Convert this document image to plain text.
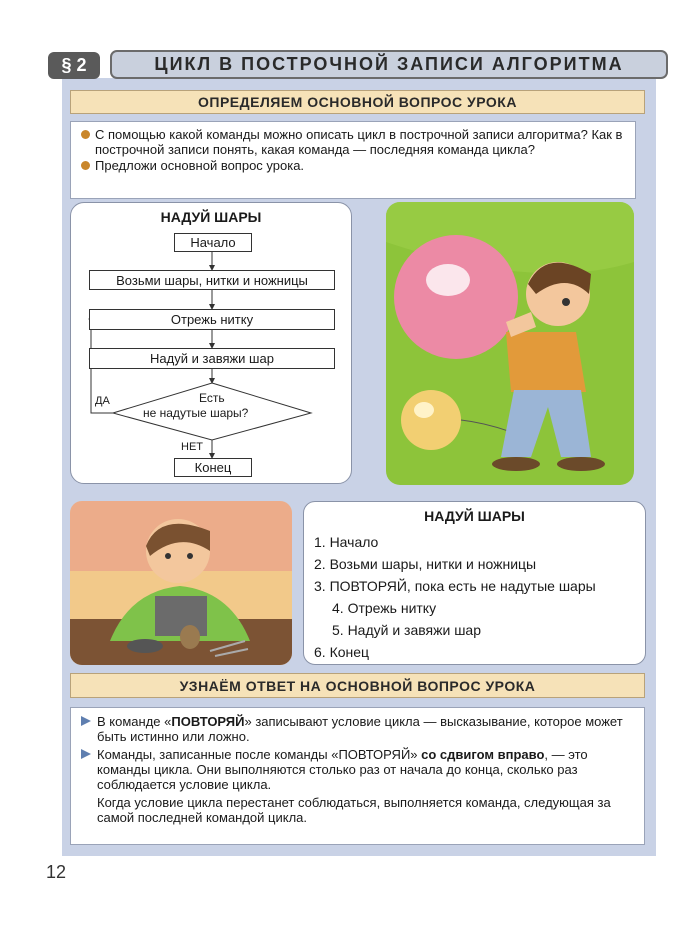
§ 2	ЦИКЛ В ПОСТРОЧНОЙ ЗАПИСИ АЛГОРИТМА
ОПРЕДЕЛЯЕМ ОСНОВНОЙ ВОПРОС УРОКА
С помощью какой команды можно описать цикл в построчной записи алгоритма? Как в построчной записи понять, какая команда — последняя команда цикла?
Предложи основной вопрос урока.
НАДУЙ ШАРЫ
Начало
Возьми шары, нитки и ножницы
Отрежь нитку
Надуй и завяжи шар
Есть
не надутые шары?
ДА
НЕТ
Конец
НАДУЙ ШАРЫ
1. Начало
2. Возьми шары, нитки и ножницы
3. ПОВТОРЯЙ, пока есть не надутые шары
4. Отрежь нитку
5. Надуй и завяжи шар
6. Конец
УЗНАЁМ ОТВЕТ НА ОСНОВНОЙ ВОПРОС УРОКА
В команде «ПОВТОРЯЙ» записывают условие цикла — высказывание, которое может быть истинно или ложно.
Команды, записанные после команды «ПОВТОРЯЙ» со сдвигом вправо, — это команды цикла. Они выполняются столько раз от начала до конца, сколько раз соблюдается условие цикла.
Когда условие цикла перестанет соблюдаться, выполняется команда, следующая за самой последней командой цикла.
12
